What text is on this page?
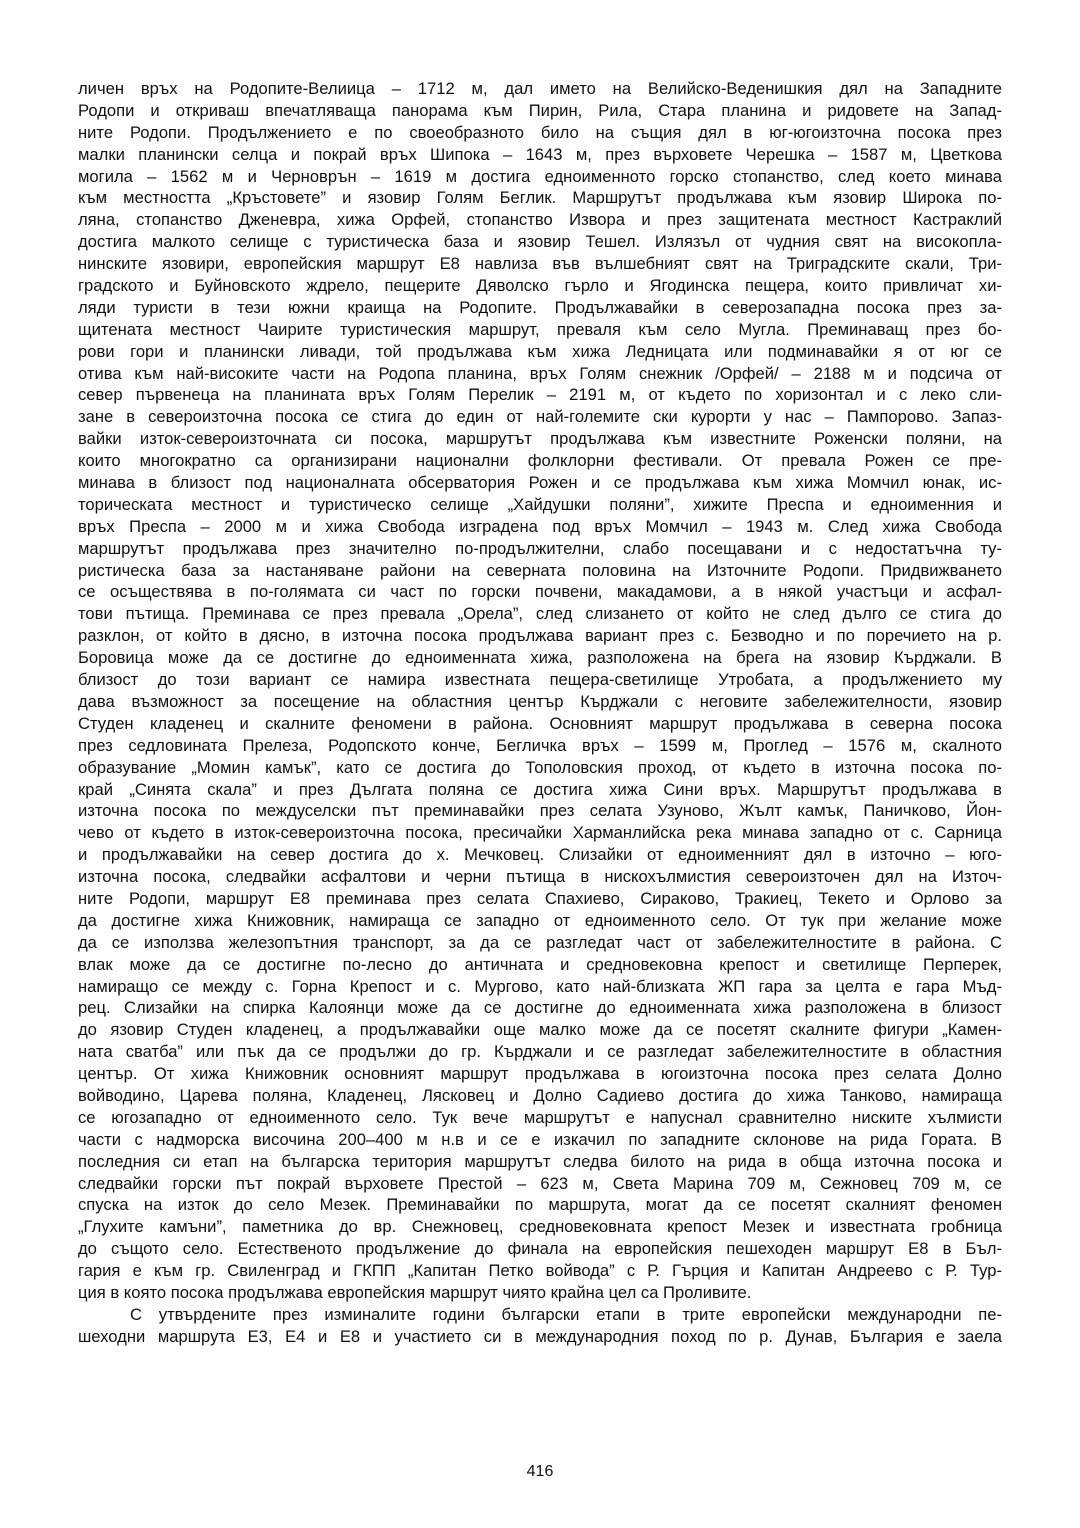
личен връх на Родопите-Велиица – 1712 м, дал името на Велийско-Веденишкия дял на Западните
Родопи и откриваш впечатляваща панорама към Пирин, Рила, Стара планина и ридовете на Запад-
ните Родопи. Продължението е по своеобразното било на същия дял в юг-югоизточна посока през
малки планински селца и покрай връх Шипока – 1643 м, през върховете Черешка – 1587 м, Цветкова
могила – 1562 м и Черноврън – 1619 м достига едноименното горско стопанство, след което минава
към местността „Кръстовете” и язовир Голям Беглик. Маршрутът продължава към язовир Широка по-
ляна, стопанство Дженевра, хижа Орфей, стопанство Извора и през защитената местност Кастраклий
достига малкото селище с туристическа база и язовир Тешел. Излязъл от чудния свят на високопла-
нинските язовири, европейския маршрут Е8 навлиза във вълшебният свят на Триградските скали, Три-
градското и Буйновското ждрело, пещерите Дяволско гърло и Ягодинска пещера, които привличат хи-
ляди туристи в тези южни краища на Родопите. Продължавайки в северозападна посока през за-
щитената местност Чаирите туристическия маршрут, преваля към село Мугла. Преминаващ през бо-
рови гори и планински ливади, той продължава към хижа Ледницата или подминавайки я от юг се
отива към най-високите части на Родопа планина, връх Голям снежник /Орфей/ – 2188 м и подсича от
север първенеца на планината връх Голям Перелик – 2191 м, от където по хоризонтал и с леко сли-
зане в североизточна посока се стига до един от най-големите ски курорти у нас – Пампорово. Запаз-
вайки изток-североизточната си посока, маршрутът продължава към известните Роженски поляни, на
които многократно са организирани национални фолклорни фестивали. От превала Рожен се пре-
минава в близост под националната обсерватория Рожен и се продължава към хижа Момчил юнак, ис-
торическата местност и туристическо селище „Хайдушки поляни”, хижите Преспа и едноименния и
връх Преспа – 2000 м и хижа Свобода изградена под връх Момчил – 1943 м. След хижа Свобода
маршрутът продължава през значително по-продължителни, слабо посещавани и с недостатъчна ту-
ристическа база за настаняване райони на северната половина на Източните Родопи. Придвижването
се осъществява в по-голямата си част по горски почвени, макадамови, а в някой участъци и асфал-
тови пътища. Преминава се през превала „Орела”, след слизането от който не след дълго се стига до
разклон, от който в дясно, в източна посока продължава вариант през с. Безводно и по поречието на р.
Боровица може да се достигне до едноименната хижа, разположена на брега на язовир Кърджали. В
близост до този вариант се намира известната пещера-светилище Утробата, а продължението му
дава възможност за посещение на областния център Кърджали с неговите забележителности, язовир
Студен кладенец и скалните феномени в района. Основният маршрут продължава в северна посока
през седловината Прелеза, Родопското конче, Бегличка връх – 1599 м, Проглед – 1576 м, скалното
образувание „Момин камък”, като се достига до Тополовския проход, от където в източна посока по-
край „Синята скала” и през Дългата поляна се достига хижа Сини връх. Маршрутът продължава в
източна посока по междуселски път преминавайки през селата Узуново, Жълт камък, Паничково, Йон-
чево от където в изток-североизточна посока, пресичайки Харманлийска река минава западно от с. Сарница
и продължавайки на север достига до х. Мечковец. Слизайки от едноименният дял в източно – юго-
източна посока, следвайки асфалтови и черни пътища в нискохълмистия североизточен дял на Източ-
ните Родопи, маршрут Е8 преминава през селата Спахиево, Сираково, Тракиец, Текето и Орлово за
да достигне хижа Книжовник, намираща се западно от едноименното село. От тук при желание може
да се използва железопътния транспорт, за да се разгледат част от забележителностите в района. С
влак може да се достигне по-лесно до античната и средновековна крепост и светилище Перперек,
намиращо се между с. Горна Крепост и с. Мургово, като най-близката ЖП гара за целта е гара Мъд-
рец. Слизайки на спирка Калоянци може да се достигне до едноименната хижа разположена в близост
до язовир Студен кладенец, а продължавайки още малко може да се посетят скалните фигури „Камен-
ната сватба” или пък да се продължи до гр. Кърджали и се разгледат забележителностите в областния
център. От хижа Книжовник основният маршрут продължава в югоизточна посока през селата Долно
войводино, Царева поляна, Кладенец, Лясковец и Долно Садиево достига до хижа Танково, намираща
се югозападно от едноименното село. Тук вече маршрутът е напуснал сравнително ниските хълмисти
части с надморска височина 200–400 м н.в и се е изкачил по западните склонове на рида Гората. В
последния си етап на българска територия маршрутът следва билото на рида в обща източна посока и
следвайки горски път покрай върховете Престой – 623 м, Света Марина 709 м, Сежновец 709 м, се
спуска на изток до село Мезек. Преминавайки по маршрута, могат да се посетят скалният феномен
„Глухите камъни”, паметника до вр. Снежновец, средновековната крепост Мезек и известната гробница
до същото село. Естественото продължение до финала на европейския пешеходен маршрут Е8 в Бъл-
гария е към гр. Свиленград и ГКПП „Капитан Петко войвода” с Р. Гърция и Капитан Андреево с Р. Тур-
ция в която посока продължава европейския маршрут чиято крайна цел са Проливите.
С утвърдените през изминалите години български етапи в трите европейски международни пе-
шеходни маршрута Е3, Е4 и Е8 и участието си в международния поход по р. Дунав, България е заела
416
